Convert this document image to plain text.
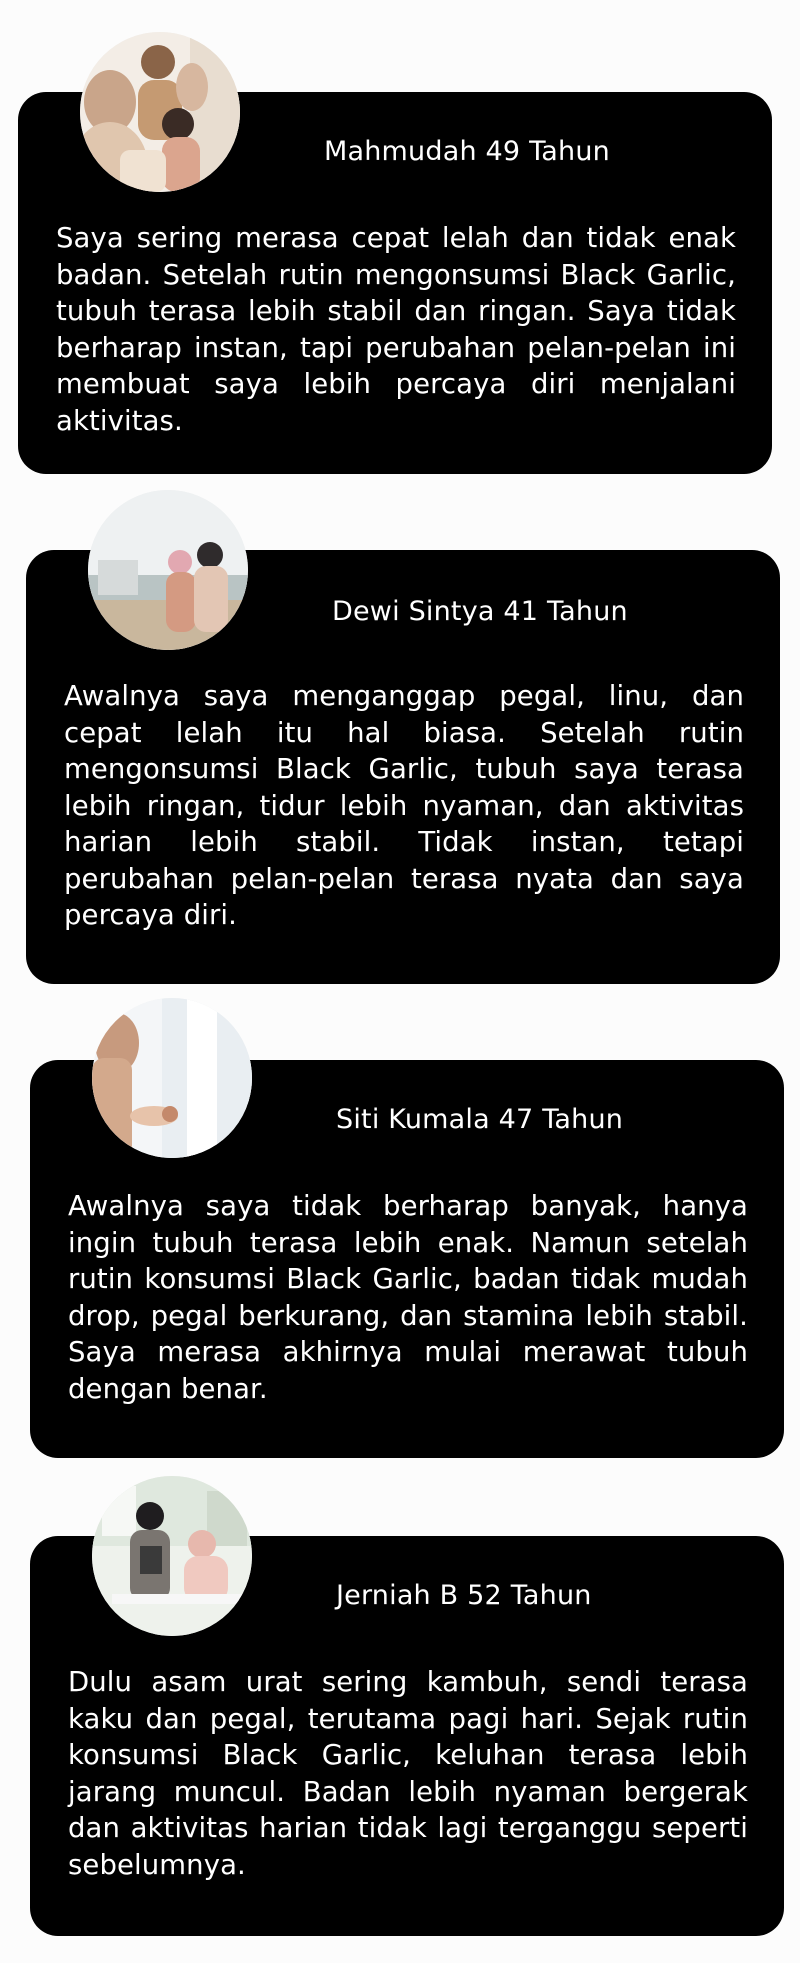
Mahmudah 49 Tahun

Saya sering merasa cepat lelah dan tidak enak badan. Setelah rutin mengonsumsi Black Garlic, tubuh terasa lebih stabil dan ringan. Saya tidak berharap instan, tapi perubahan pelan-pelan ini membuat saya lebih percaya diri menjalani aktivitas.

Dewi Sintya 41 Tahun

Awalnya saya menganggap pegal, linu, dan cepat lelah itu hal biasa. Setelah rutin mengonsumsi Black Garlic, tubuh saya terasa lebih ringan, tidur lebih nyaman, dan aktivitas harian lebih stabil. Tidak instan, tetapi perubahan pelan-pelan terasa nyata dan saya percaya diri.

Siti Kumala 47 Tahun

Awalnya saya tidak berharap banyak, hanya ingin tubuh terasa lebih enak. Namun setelah rutin konsumsi Black Garlic, badan tidak mudah drop, pegal berkurang, dan stamina lebih stabil. Saya merasa akhirnya mulai merawat tubuh dengan benar.

Jerniah B 52 Tahun

Dulu asam urat sering kambuh, sendi terasa kaku dan pegal, terutama pagi hari. Sejak rutin konsumsi Black Garlic, keluhan terasa lebih jarang muncul. Badan lebih nyaman bergerak dan aktivitas harian tidak lagi terganggu seperti sebelumnya.
